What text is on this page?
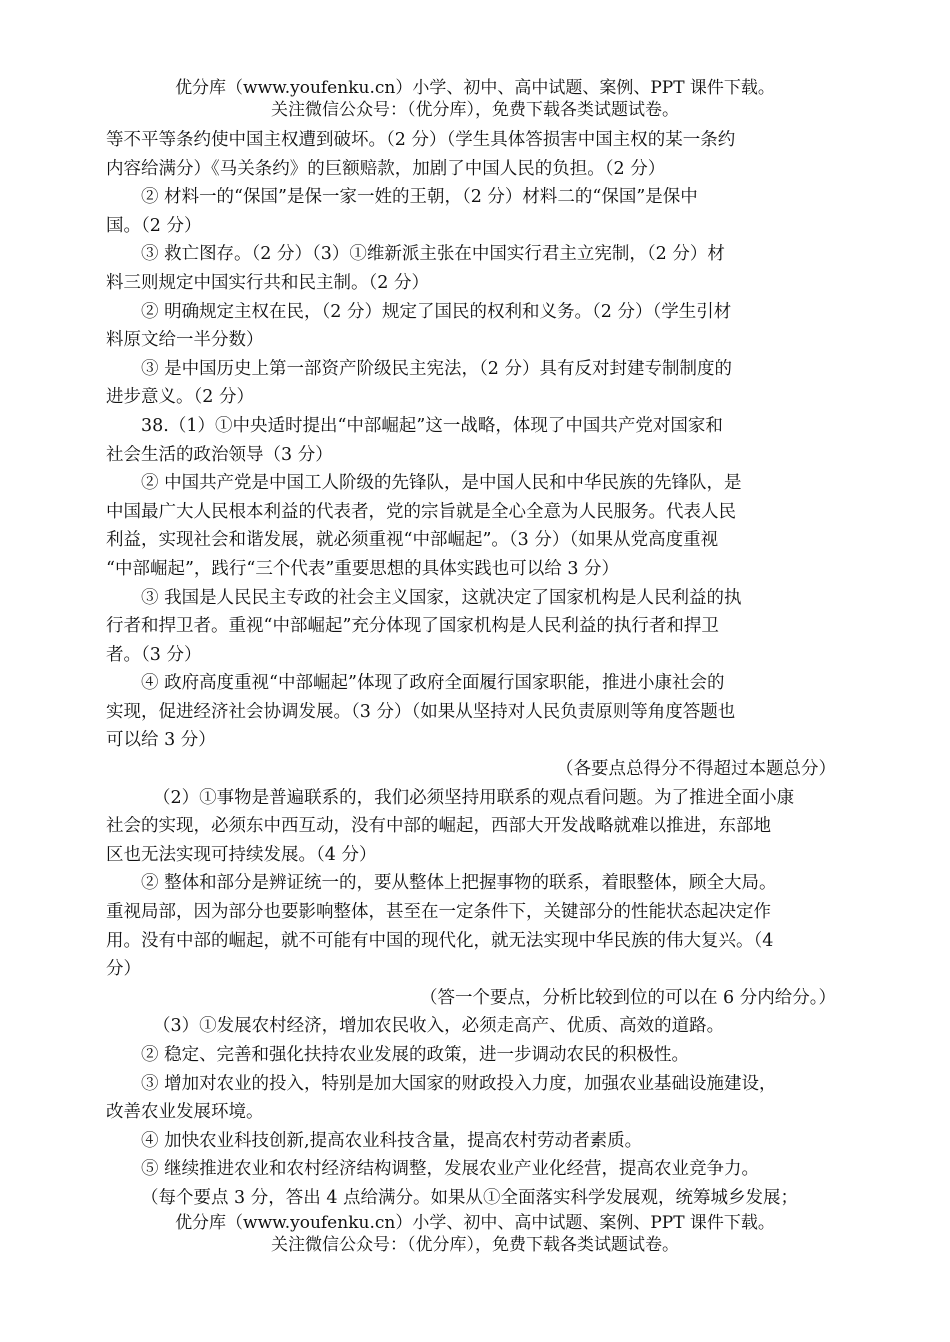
优分库（www.youfenku.cn）小学、初中、高中试题、案例、PPT 课件下载。
关注微信公众号：（优分库），免费下载各类试题试卷。
等不平等条约使中国主权遭到破坏。（2 分）（学生具体答损害中国主权的某一条约
内容给满分）《马关条约》的巨额赔款，加剧了中国人民的负担。（2 分）
② 材料一的“保国”是保一家一姓的王朝，（2 分）材料二的“保国”是保中
国。（2 分）
③ 救亡图存。（2 分）（3）①维新派主张在中国实行君主立宪制，（2 分）材
料三则规定中国实行共和民主制。（2 分）
② 明确规定主权在民，（2 分）规定了国民的权利和义务。（2 分）（学生引材
料原文给一半分数）
③ 是中国历史上第一部资产阶级民主宪法，（2 分）具有反对封建专制制度的
进步意义。（2 分）
38.（1）①中央适时提出“中部崛起”这一战略，体现了中国共产党对国家和
社会生活的政治领导（3 分）
② 中国共产党是中国工人阶级的先锋队，是中国人民和中华民族的先锋队，是
中国最广大人民根本利益的代表者，党的宗旨就是全心全意为人民服务。代表人民
利益，实现社会和谐发展，就必须重视“中部崛起”。（3 分）（如果从党高度重视
“中部崛起”，践行“三个代表”重要思想的具体实践也可以给 3 分）
③ 我国是人民民主专政的社会主义国家，这就决定了国家机构是人民利益的执
行者和捍卫者。重视“中部崛起”充分体现了国家机构是人民利益的执行者和捍卫
者。（3 分）
④ 政府高度重视“中部崛起”体现了政府全面履行国家职能，推进小康社会的
实现，促进经济社会协调发展。（3 分）（如果从坚持对人民负责原则等角度答题也
可以给 3 分）
（各要点总得分不得超过本题总分）
（2）①事物是普遍联系的，我们必须坚持用联系的观点看问题。为了推进全面小康
社会的实现，必须东中西互动，没有中部的崛起，西部大开发战略就难以推进，东部地
区也无法实现可持续发展。（4 分）
② 整体和部分是辨证统一的，要从整体上把握事物的联系，着眼整体，顾全大局。
重视局部，因为部分也要影响整体，甚至在一定条件下，关键部分的性能状态起决定作
用。没有中部的崛起，就不可能有中国的现代化，就无法实现中华民族的伟大复兴。（4
分）
（答一个要点，分析比较到位的可以在 6 分内给分。）
（3）①发展农村经济，增加农民收入，必须走高产、优质、高效的道路。
② 稳定、完善和强化扶持农业发展的政策，进一步调动农民的积极性。
③ 增加对农业的投入，特别是加大国家的财政投入力度，加强农业基础设施建设，
改善农业发展环境。
④ 加快农业科技创新,提高农业科技含量，提高农村劳动者素质。
⑤ 继续推进农业和农村经济结构调整，发展农业产业化经营，提高农业竞争力。
（每个要点 3 分，答出 4 点给满分。如果从①全面落实科学发展观，统筹城乡发展；
优分库（www.youfenku.cn）小学、初中、高中试题、案例、PPT 课件下载。
关注微信公众号：（优分库），免费下载各类试题试卷。
